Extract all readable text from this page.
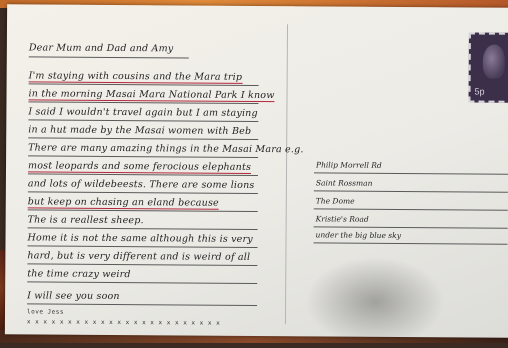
5p
Dear Mum and Dad and Amy
I'm staying with cousins and the Mara trip
in the morning Masai Mara National Park I know
I said I wouldn't travel again but I am staying
in a hut made by the Masai women with Beb
There are many amazing things in the Masai Mara e.g.
most leopards and some ferocious elephants
and lots of wildebeests. There are some lions
but keep on chasing an eland because
The is a reallest sheep.
Home it is not the same although this is very
hard, but is very different and is weird of all
the time crazy weird
I will see you soon
love Jess
x x x x x x x x x x x x x x x x x x x x x x x x
Philip Morrell Rd
Saint Rossman
The Dome
Kristie's Road
under the big blue sky
